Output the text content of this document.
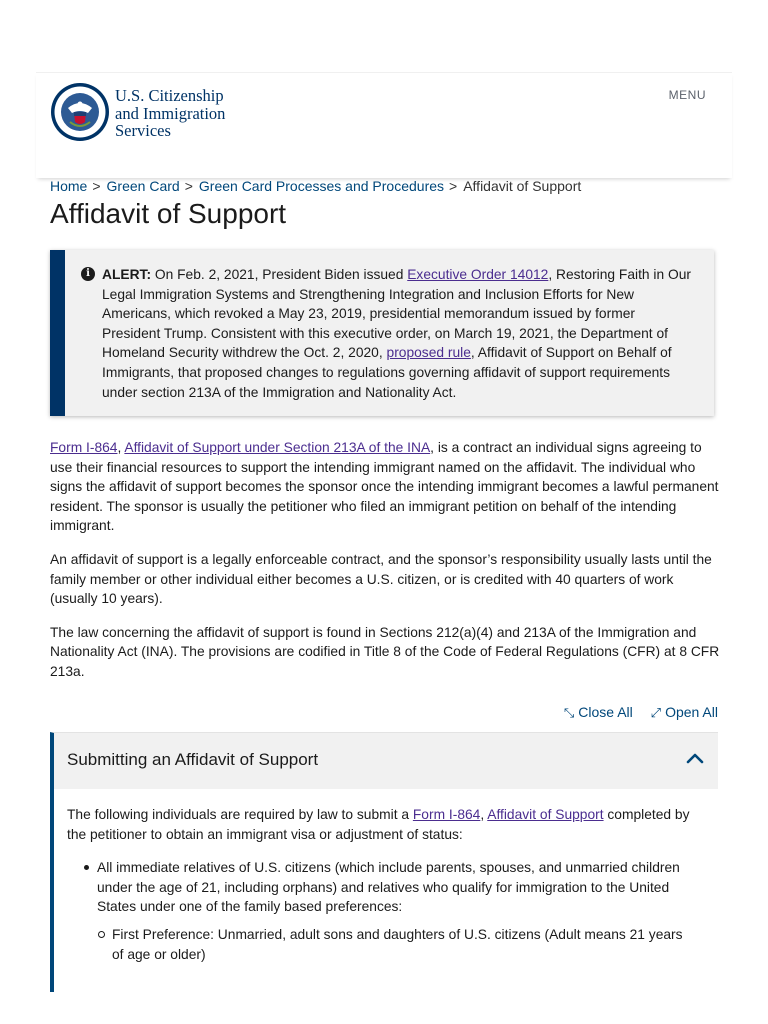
U.S. Citizenship
and Immigration
Services
MENU
Home > Green Card > Green Card Processes and Procedures > Affidavit of Support
Affidavit of Support
i ALERT: On Feb. 2, 2021, President Biden issued Executive Order 14012, Restoring Faith in Our Legal Immigration Systems and Strengthening Integration and Inclusion Efforts for New Americans, which revoked a May 23, 2019, presidential memorandum issued by former President Trump. Consistent with this executive order, on March 19, 2021, the Department of Homeland Security withdrew the Oct. 2, 2020, proposed rule, Affidavit of Support on Behalf of Immigrants, that proposed changes to regulations governing affidavit of support requirements under section 213A of the Immigration and Nationality Act.

Form I-864, Affidavit of Support under Section 213A of the INA, is a contract an individual signs agreeing to use their financial resources to support the intending immigrant named on the affidavit. The individual who signs the affidavit of support becomes the sponsor once the intending immigrant becomes a lawful permanent resident. The sponsor is usually the petitioner who filed an immigrant petition on behalf of the intending immigrant.

An affidavit of support is a legally enforceable contract, and the sponsor’s responsibility usually lasts until the family member or other individual either becomes a U.S. citizen, or is credited with 40 quarters of work (usually 10 years).

The law concerning the affidavit of support is found in Sections 212(a)(4) and 213A of the Immigration and Nationality Act (INA). The provisions are codified in Title 8 of the Code of Federal Regulations (CFR) at 8 CFR 213a.

⤡ Close All ⤢ Open All
Submitting an Affidavit of Support

The following individuals are required by law to submit a Form I-864, Affidavit of Support completed by the petitioner to obtain an immigrant visa or adjustment of status:

All immediate relatives of U.S. citizens (which include parents, spouses, and unmarried children under the age of 21, including orphans) and relatives who qualify for immigration to the United States under one of the family based preferences:
First Preference: Unmarried, adult sons and daughters of U.S. citizens (Adult means 21 years of age or older)
